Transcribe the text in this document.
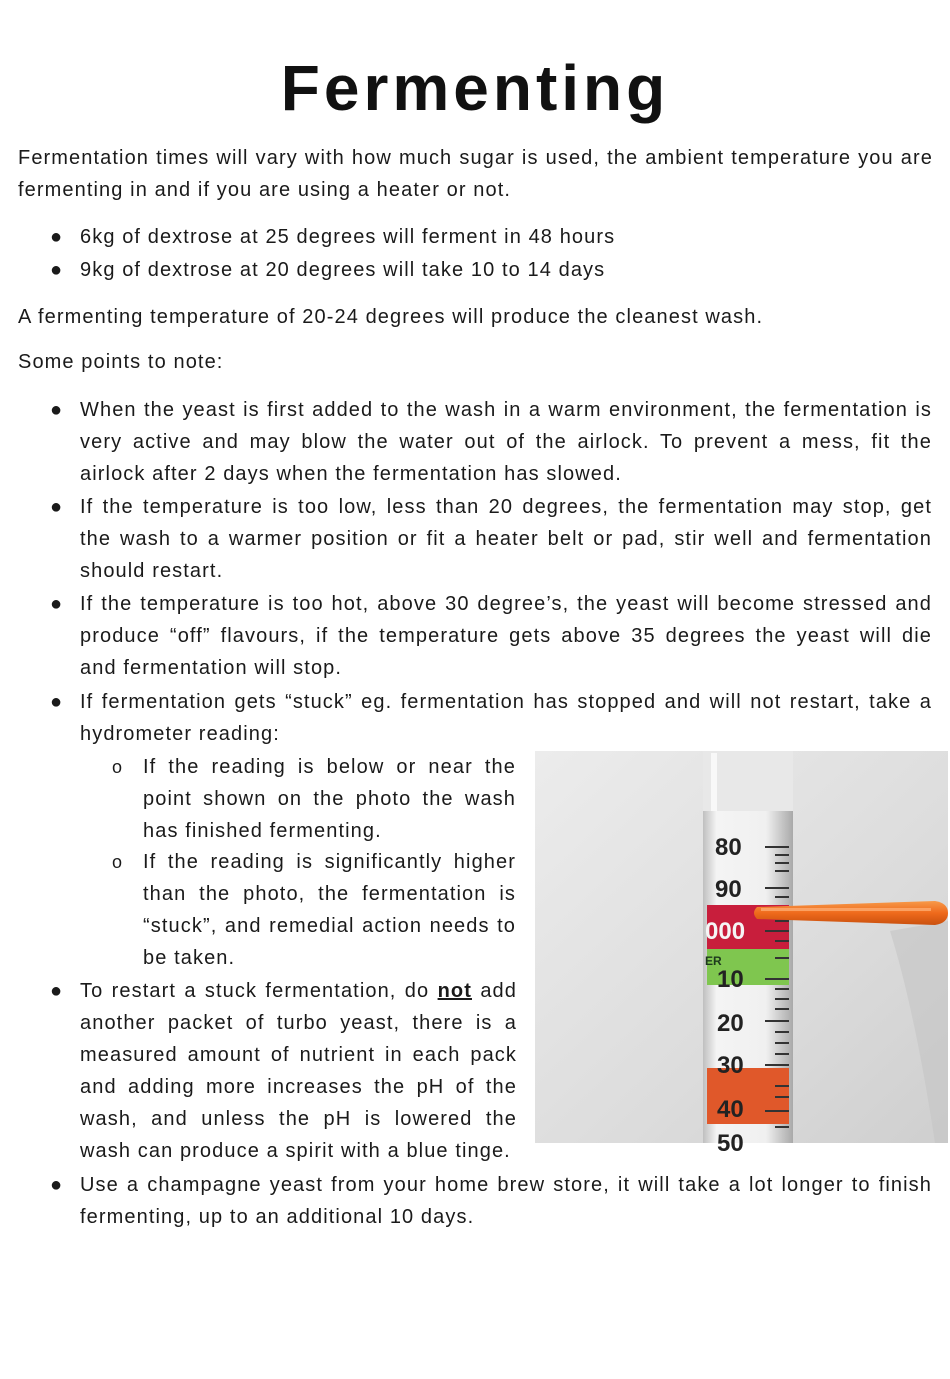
Fermenting

Fermentation times will vary with how much sugar is used, the ambient temperature you are fermenting in and if you are using a heater or not.

● 6kg of dextrose at 25 degrees will ferment in 48 hours

● 9kg of dextrose at 20 degrees will take 10 to 14 days

A fermenting temperature of 20-24 degrees will produce the cleanest wash.

Some points to note:

● When the yeast is first added to the wash in a warm environment, the fermentation is very active and may blow the water out of the airlock. To prevent a mess, fit the airlock after 2 days when the fermentation has slowed.

● If the temperature is too low, less than 20 degrees, the fermentation may stop, get the wash to a warmer position or fit a heater belt or pad, stir well and fermentation should restart.

● If the temperature is too hot, above 30 degree’s, the yeast will become stressed and produce “off” flavours, if the temperature gets above 35 degrees the yeast will die and fermentation will stop.

● If fermentation gets “stuck” eg. fermentation has stopped and will not restart, take a hydrometer reading:

o If the reading is below or near the point shown on the photo the wash has finished fermenting.

o If the reading is significantly higher than the photo, the fermentation is “stuck”, and remedial action needs to be taken.

● To restart a stuck fermentation, do not add another packet of turbo yeast, there is a measured amount of nutrient in each pack and adding more increases the pH of the wash, and unless the pH is lowered the wash can produce a spirit with a blue tinge.

● Use a champagne yeast from your home brew store, it will take a lot longer to finish fermenting, up to an additional 10 days.

80
90
000
10
20
30
40
50
ER
